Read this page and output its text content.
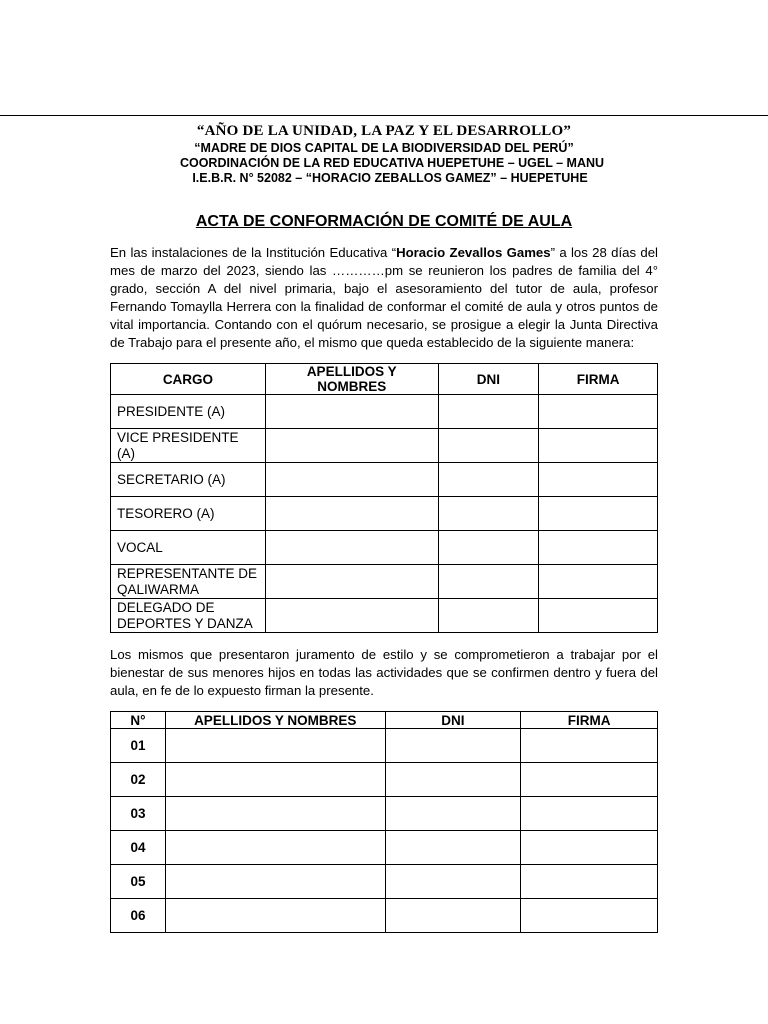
“AÑO DE LA UNIDAD, LA PAZ Y EL DESARROLLO”
“MADRE DE DIOS CAPITAL DE LA BIODIVERSIDAD DEL PERÚ”
COORDINACIÓN DE LA RED EDUCATIVA HUEPETUHE – UGEL – MANU
I.E.B.R. N° 52082 – “HORACIO ZEBALLOS GAMEZ” – HUEPETUHE
ACTA DE CONFORMACIÓN DE COMITÉ DE AULA

En las instalaciones de la Institución Educativa “Horacio Zevallos Games” a los 28 días del mes de marzo del 2023, siendo las …………pm se reunieron los padres de familia del 4° grado, sección A del nivel primaria, bajo el asesoramiento del tutor de aula, profesor Fernando Tomaylla Herrera con la finalidad de conformar el comité de aula y otros puntos de vital importancia. Contando con el quórum necesario, se prosigue a elegir la Junta Directiva de Trabajo para el presente año, el mismo que queda establecido de la siguiente manera:

CARGO	APELLIDOS Y NOMBRES	DNI	FIRMA
PRESIDENTE (A)			
VICE PRESIDENTE (A)			
SECRETARIO (A)			
TESORERO (A)			
VOCAL			
REPRESENTANTE DE QALIWARMA			
DELEGADO DE DEPORTES Y DANZA			

Los mismos que presentaron juramento de estilo y se comprometieron a trabajar por el bienestar de sus menores hijos en todas las actividades que se confirmen dentro y fuera del aula, en fe de lo expuesto firman la presente.

N°	APELLIDOS Y NOMBRES	DNI	FIRMA
01			
02			
03			
04			
05			
06			
